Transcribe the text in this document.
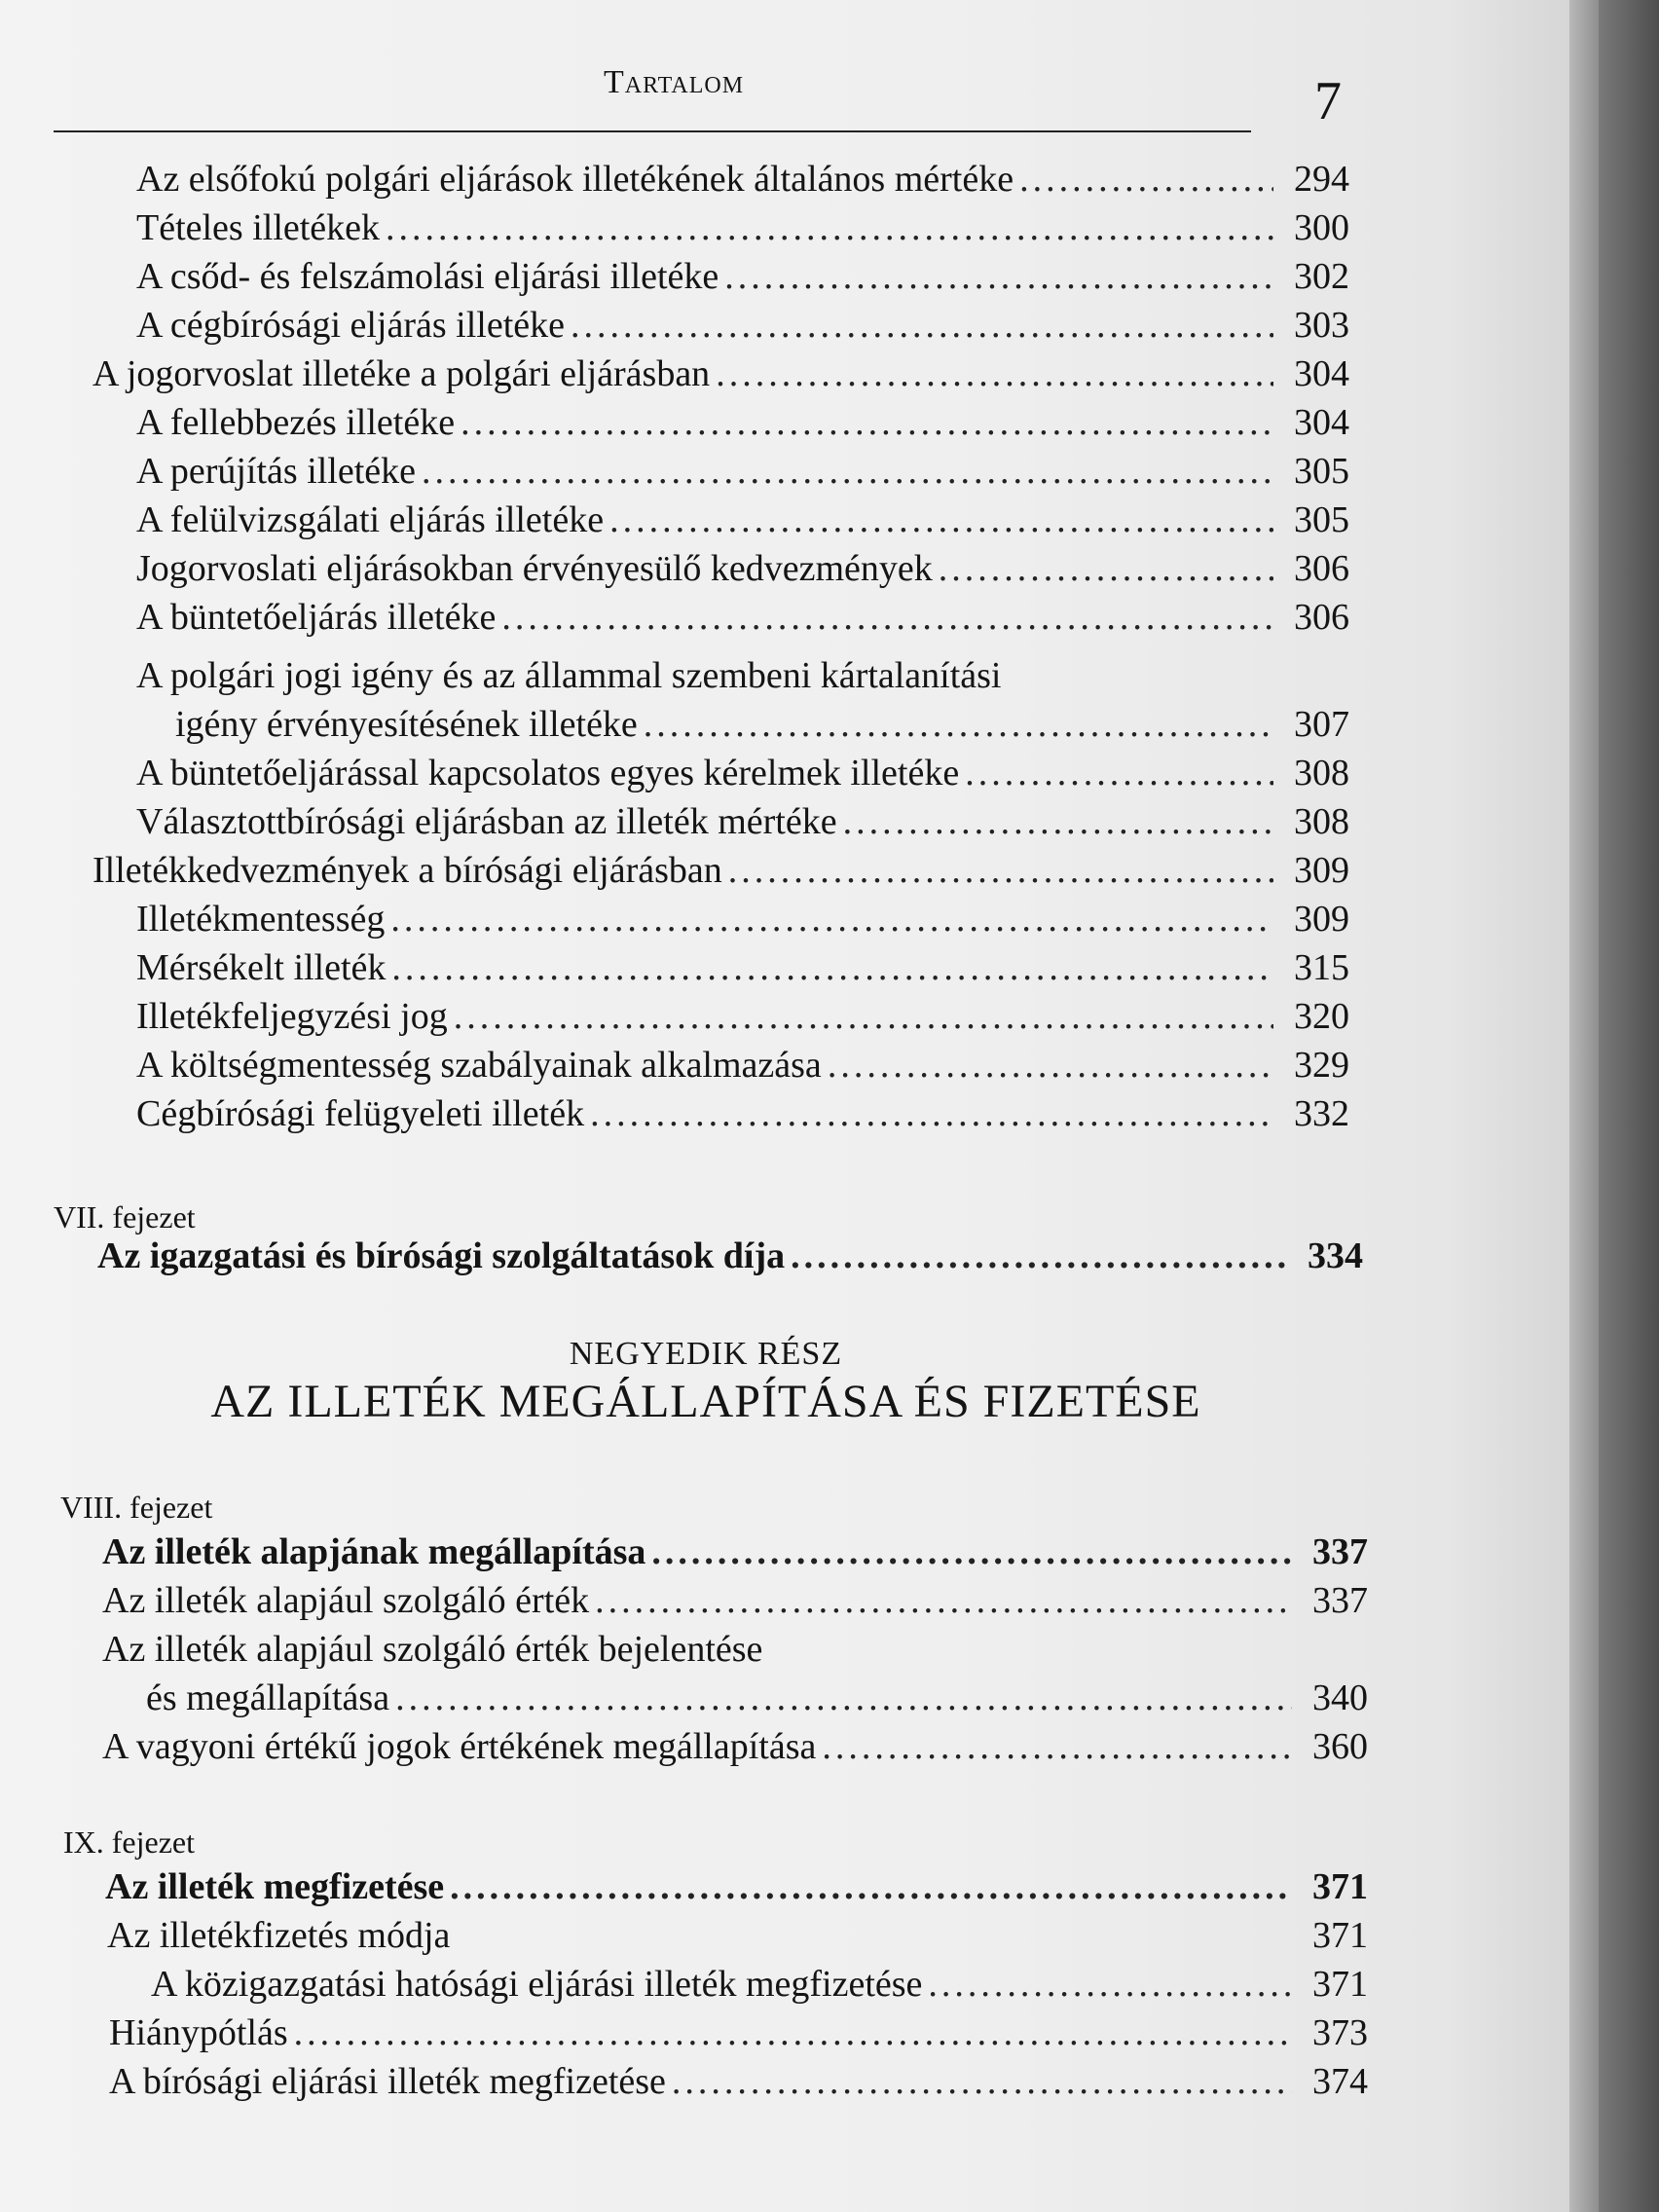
Tartalom	7
Az elsőfokú polgári eljárások illetékének általános mértéke .....	294
Tételes illetékek .....	300
A csőd- és felszámolási eljárási illetéke .....	302
A cégbírósági eljárás illetéke .....	303
A jogorvoslat illetéke a polgári eljárásban .....	304
A fellebbezés illetéke .....	304
A perújítás illetéke .....	305
A felülvizsgálati eljárás illetéke .....	305
Jogorvoslati eljárásokban érvényesülő kedvezmények .....	306
A büntetőeljárás illetéke .....	306
A polgári jogi igény és az állammal szembeni kártalanítási
igény érvényesítésének illetéke .....	307
A büntetőeljárással kapcsolatos egyes kérelmek illetéke .....	308
Választottbírósági eljárásban az illeték mértéke .....	308
Illetékkedvezmények a bírósági eljárásban .....	309
Illetékmentesség .....	309
Mérsékelt illeték .....	315
Illetékfeljegyzési jog .....	320
A költségmentesség szabályainak alkalmazása .....	329
Cégbírósági felügyeleti illeték .....	332
VII. fejezet
Az igazgatási és bírósági szolgáltatások díja .....	334
NEGYEDIK RÉSZ
AZ ILLETÉK MEGÁLLAPÍTÁSA ÉS FIZETÉSE
VIII. fejezet
Az illeték alapjának megállapítása .....	337
Az illeték alapjául szolgáló érték .....	337
Az illeték alapjául szolgáló érték bejelentése
és megállapítása .....	340
A vagyoni értékű jogok értékének megállapítása .....	360
IX. fejezet
Az illeték megfizetése .....	371
Az illetékfizetés módja	371
A közigazgatási hatósági eljárási illeték megfizetése .....	371
Hiánypótlás .....	373
A bírósági eljárási illeték megfizetése .....	374
